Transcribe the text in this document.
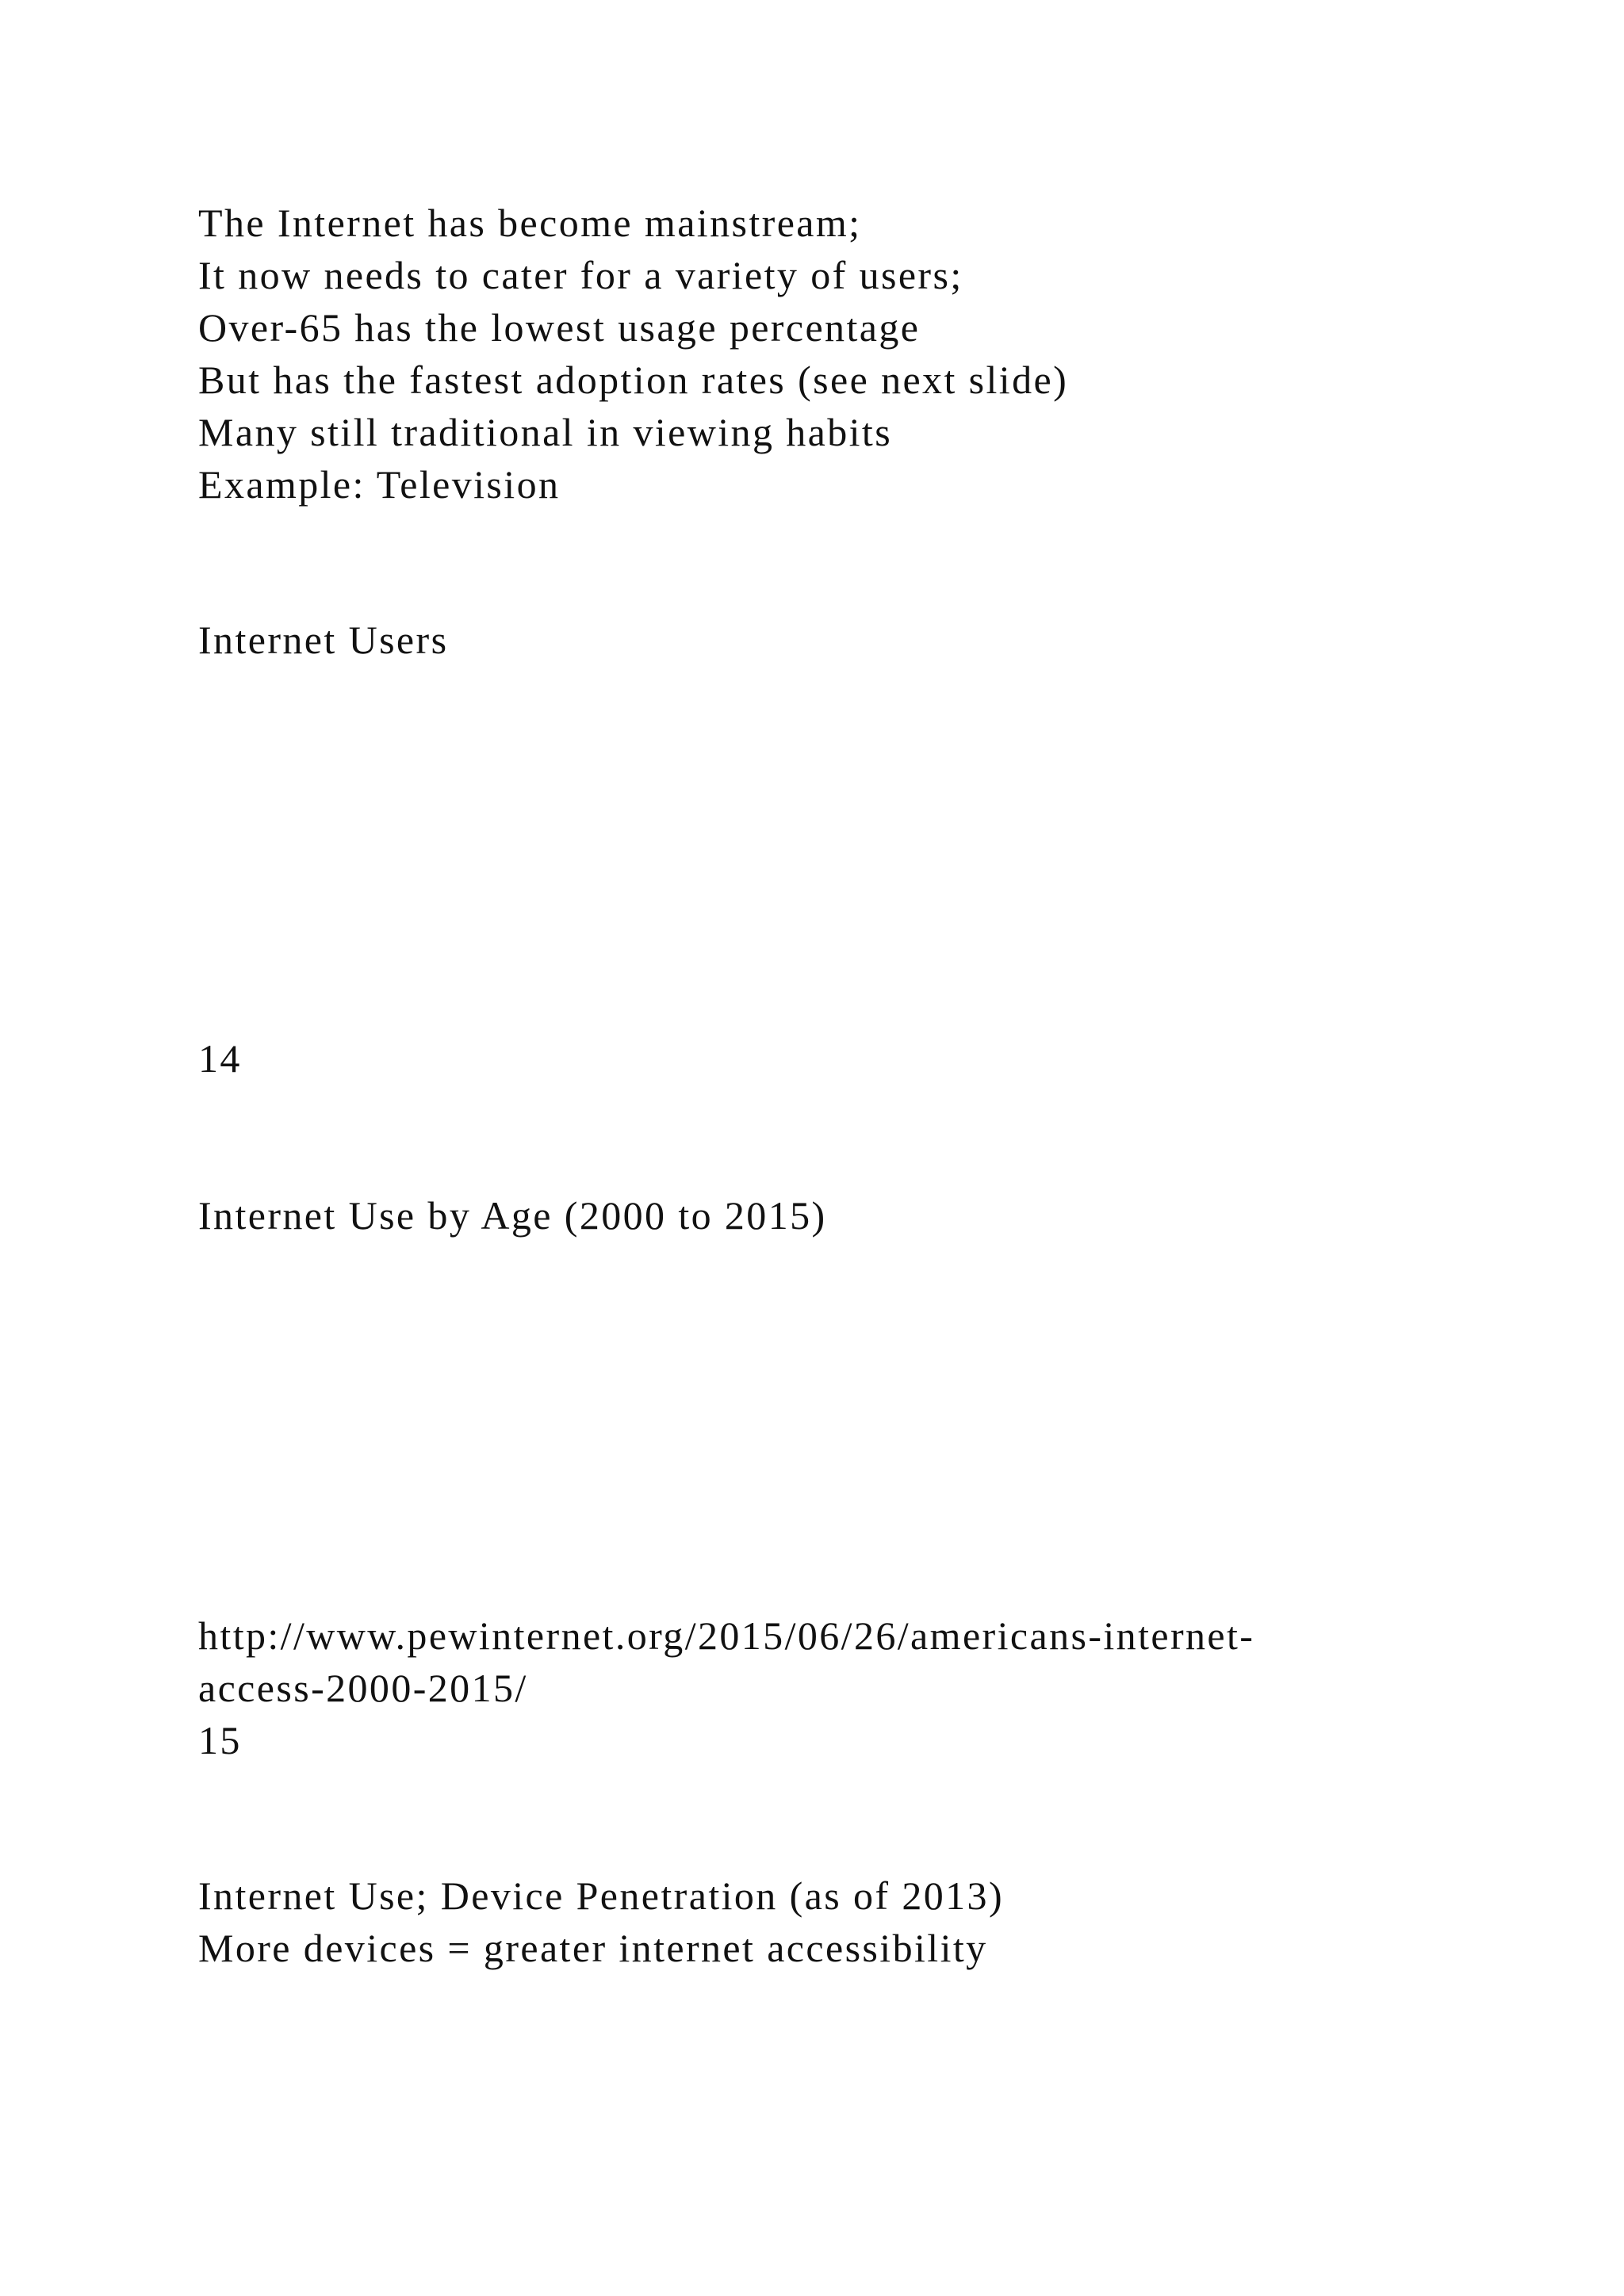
The Internet has become mainstream;
It now needs to cater for a variety of users;
Over-65 has the lowest usage percentage
But has the fastest adoption rates (see next slide)
Many still traditional in viewing habits
Example: Television
Internet Users
14
Internet Use by Age (2000 to 2015)
http://www.pewinternet.org/2015/06/26/americans-internet-
access-2000-2015/
15
Internet Use; Device Penetration (as of 2013)
More devices = greater internet accessibility
